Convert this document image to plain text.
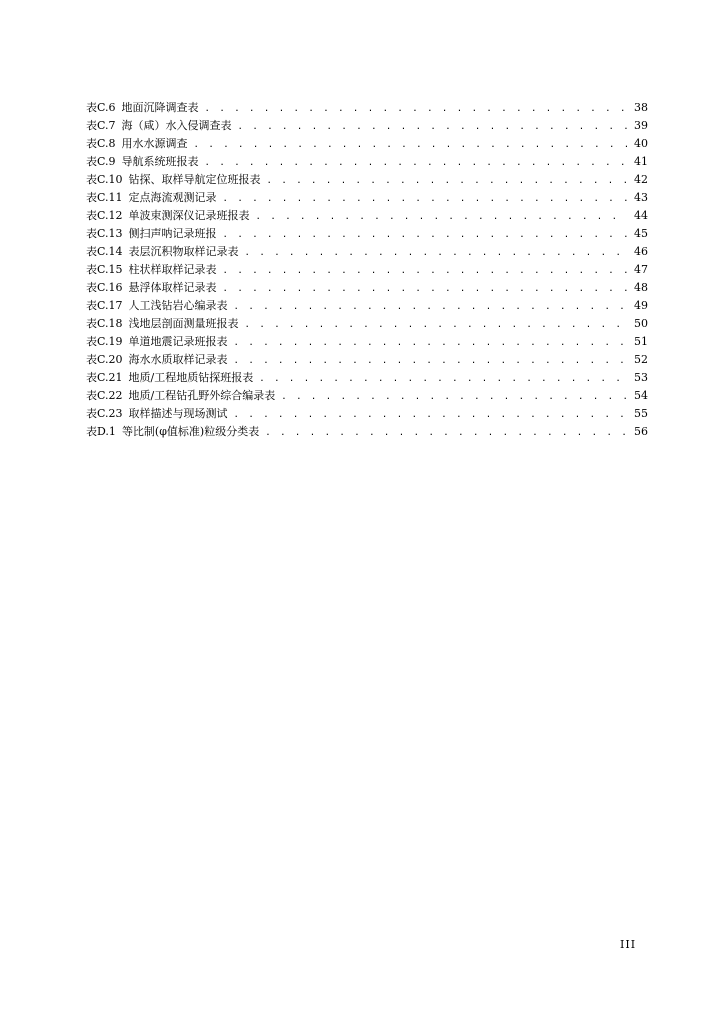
表C.6 地面沉降调查表 . . .	38
表C.7 海（咸）水入侵调查表 . . .	39
表C.8 用水水源调查 . . .	40
表C.9 导航系统班报表 . . .	41
表C.10 钻探、取样导航定位班报表 . . .	42
表C.11 定点海流观测记录 . . .	43
表C.12 单波束测深仪记录班报表 . . .	44
表C.13 侧扫声呐记录班报 . . .	45
表C.14 表层沉积物取样记录表 . . .	46
表C.15 柱状样取样记录表 . . .	47
表C.16 悬浮体取样记录表 . . .	48
表C.17 人工浅钻岩心编录表 . . .	49
表C.18 浅地层剖面测量班报表 . . .	50
表C.19 单道地震记录班报表 . . .	51
表C.20 海水水质取样记录表 . . .	52
表C.21 地质/工程地质钻探班报表 . . .	53
表C.22 地质/工程钻孔野外综合编录表 . . .	54
表C.23 取样描述与现场测试 . . .	55
表D.1 等比制(φ值标准)粒级分类表 . . .	56
III
